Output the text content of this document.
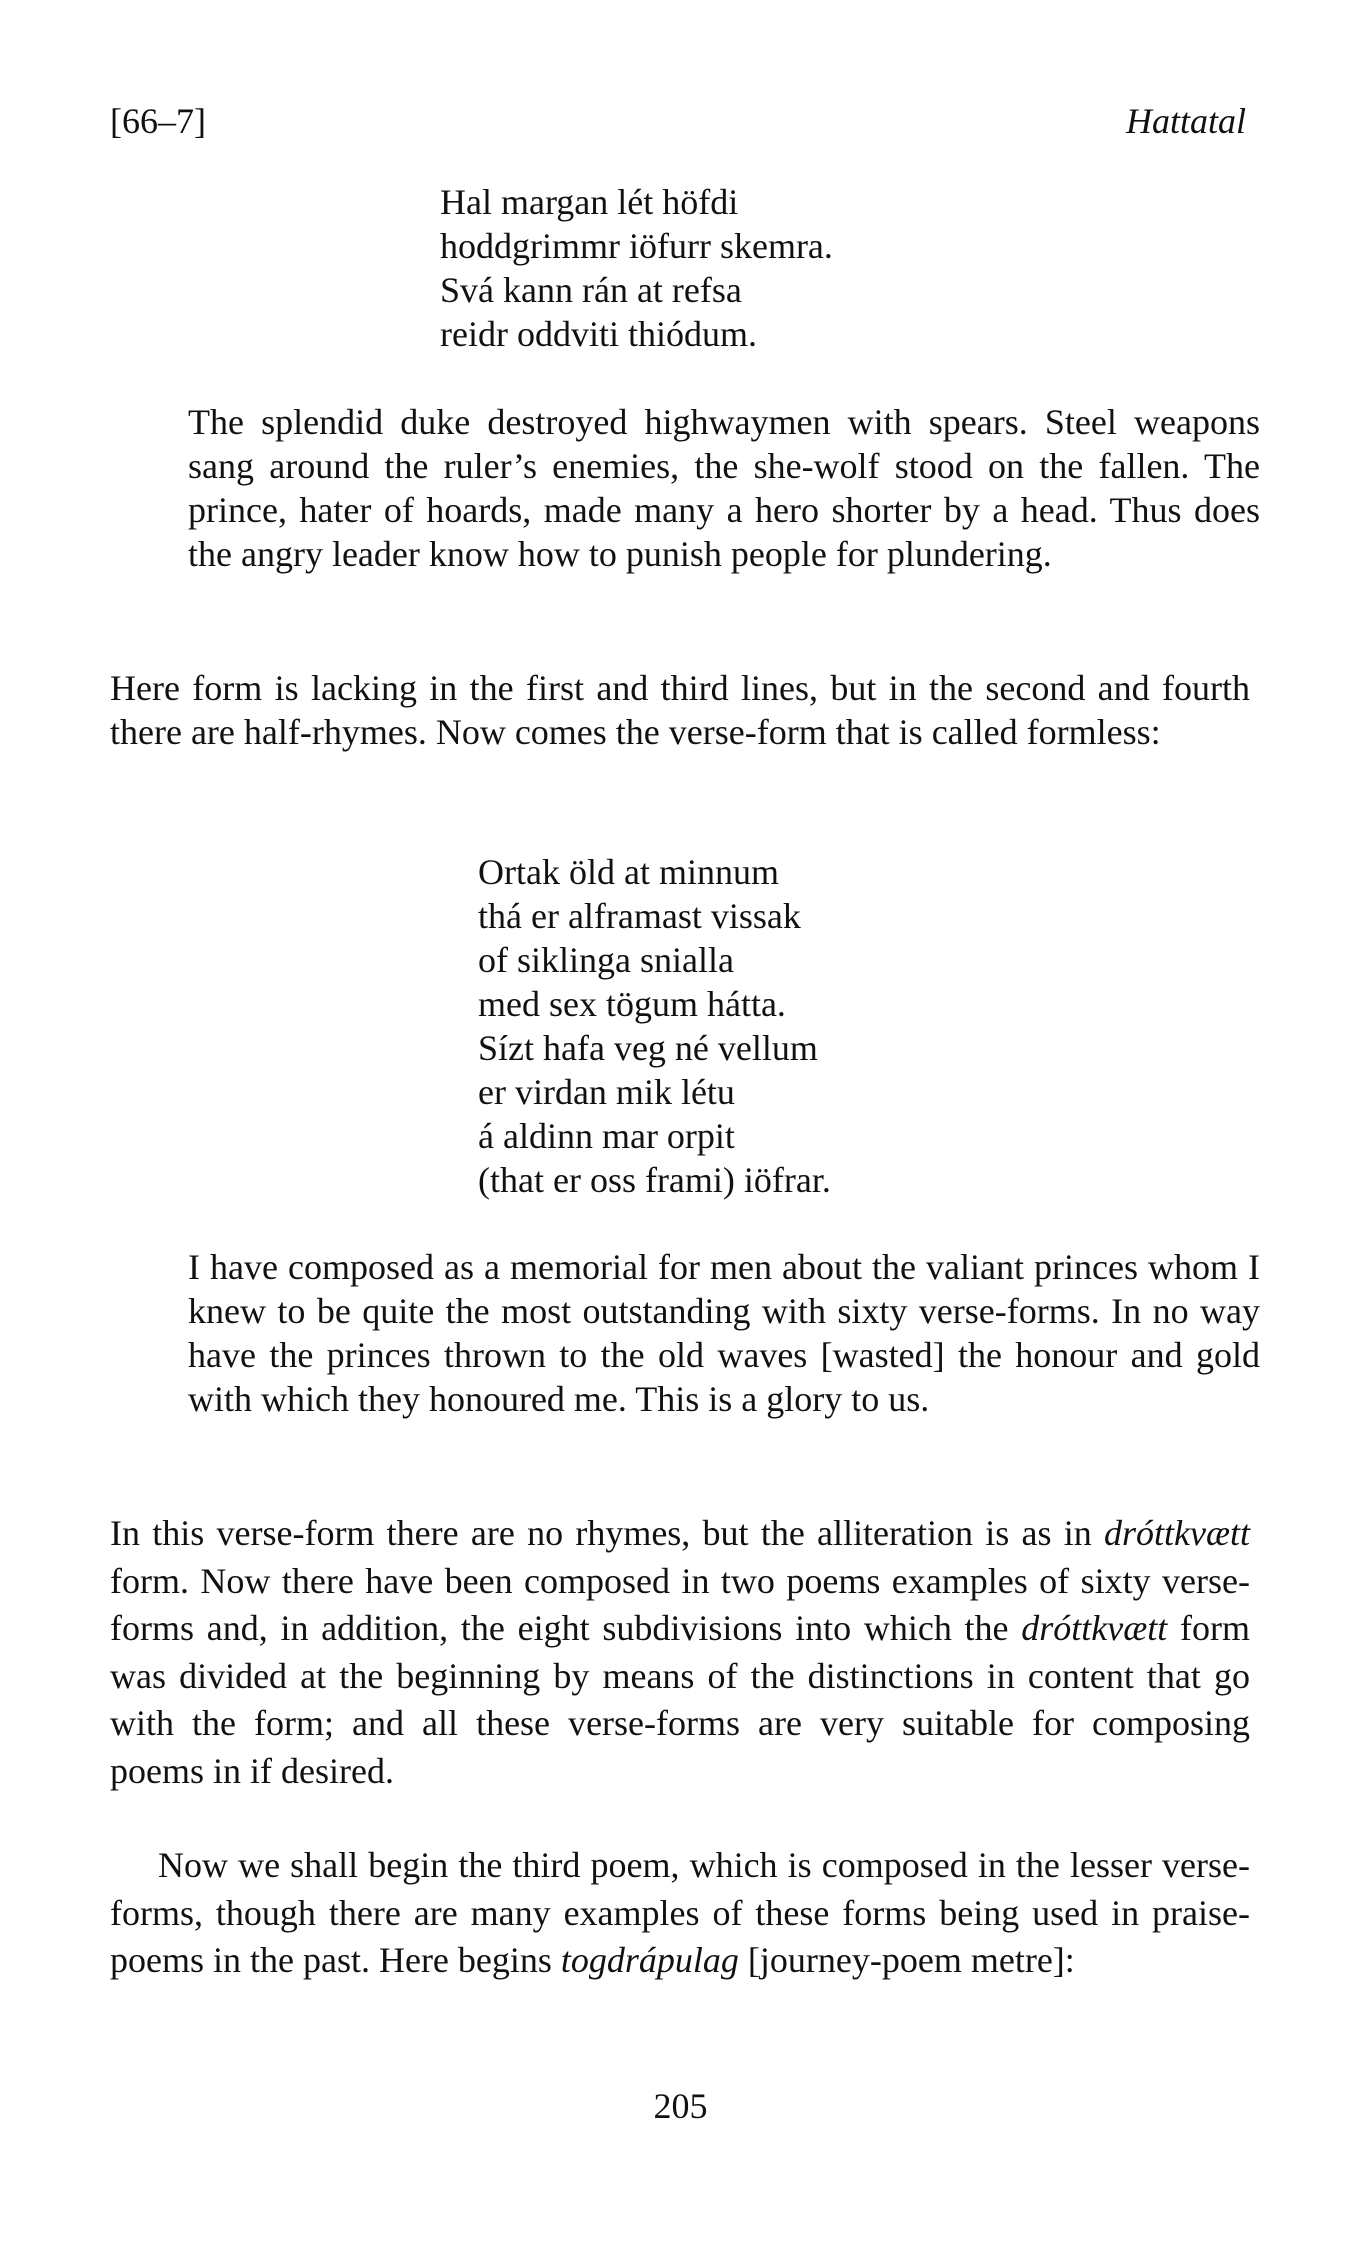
[66–7]	Hattatal
Hal margan lét höfdi
hoddgrimmr iöfurr skemra.
Svá kann rán at refsa
reidr oddviti thiódum.
The splendid duke destroyed highwaymen with spears. Steel weapons sang around the ruler’s enemies, the she-wolf stood on the fallen. The prince, hater of hoards, made many a hero shorter by a head. Thus does the angry leader know how to punish people for plundering.
Here form is lacking in the first and third lines, but in the second and fourth there are half-rhymes. Now comes the verse-form that is called formless:
Ortak öld at minnum
thá er alframast vissak
of siklinga snialla
med sex tögum hátta.
Sízt hafa veg né vellum
er virdan mik létu
á aldinn mar orpit
(that er oss frami) iöfrar.
I have composed as a memorial for men about the valiant princes whom I knew to be quite the most outstanding with sixty verse-forms. In no way have the princes thrown to the old waves [wasted] the honour and gold with which they honoured me. This is a glory to us.
In this verse-form there are no rhymes, but the alliteration is as in dróttkvætt form. Now there have been composed in two poems examples of sixty verse-forms and, in addition, the eight subdivisions into which the dróttkvætt form was divided at the beginning by means of the distinctions in content that go with the form; and all these verse-forms are very suitable for composing poems in if desired.
Now we shall begin the third poem, which is composed in the lesser verse-forms, though there are many examples of these forms being used in praise-poems in the past. Here begins togdrápulag [journey-poem metre]:
205
